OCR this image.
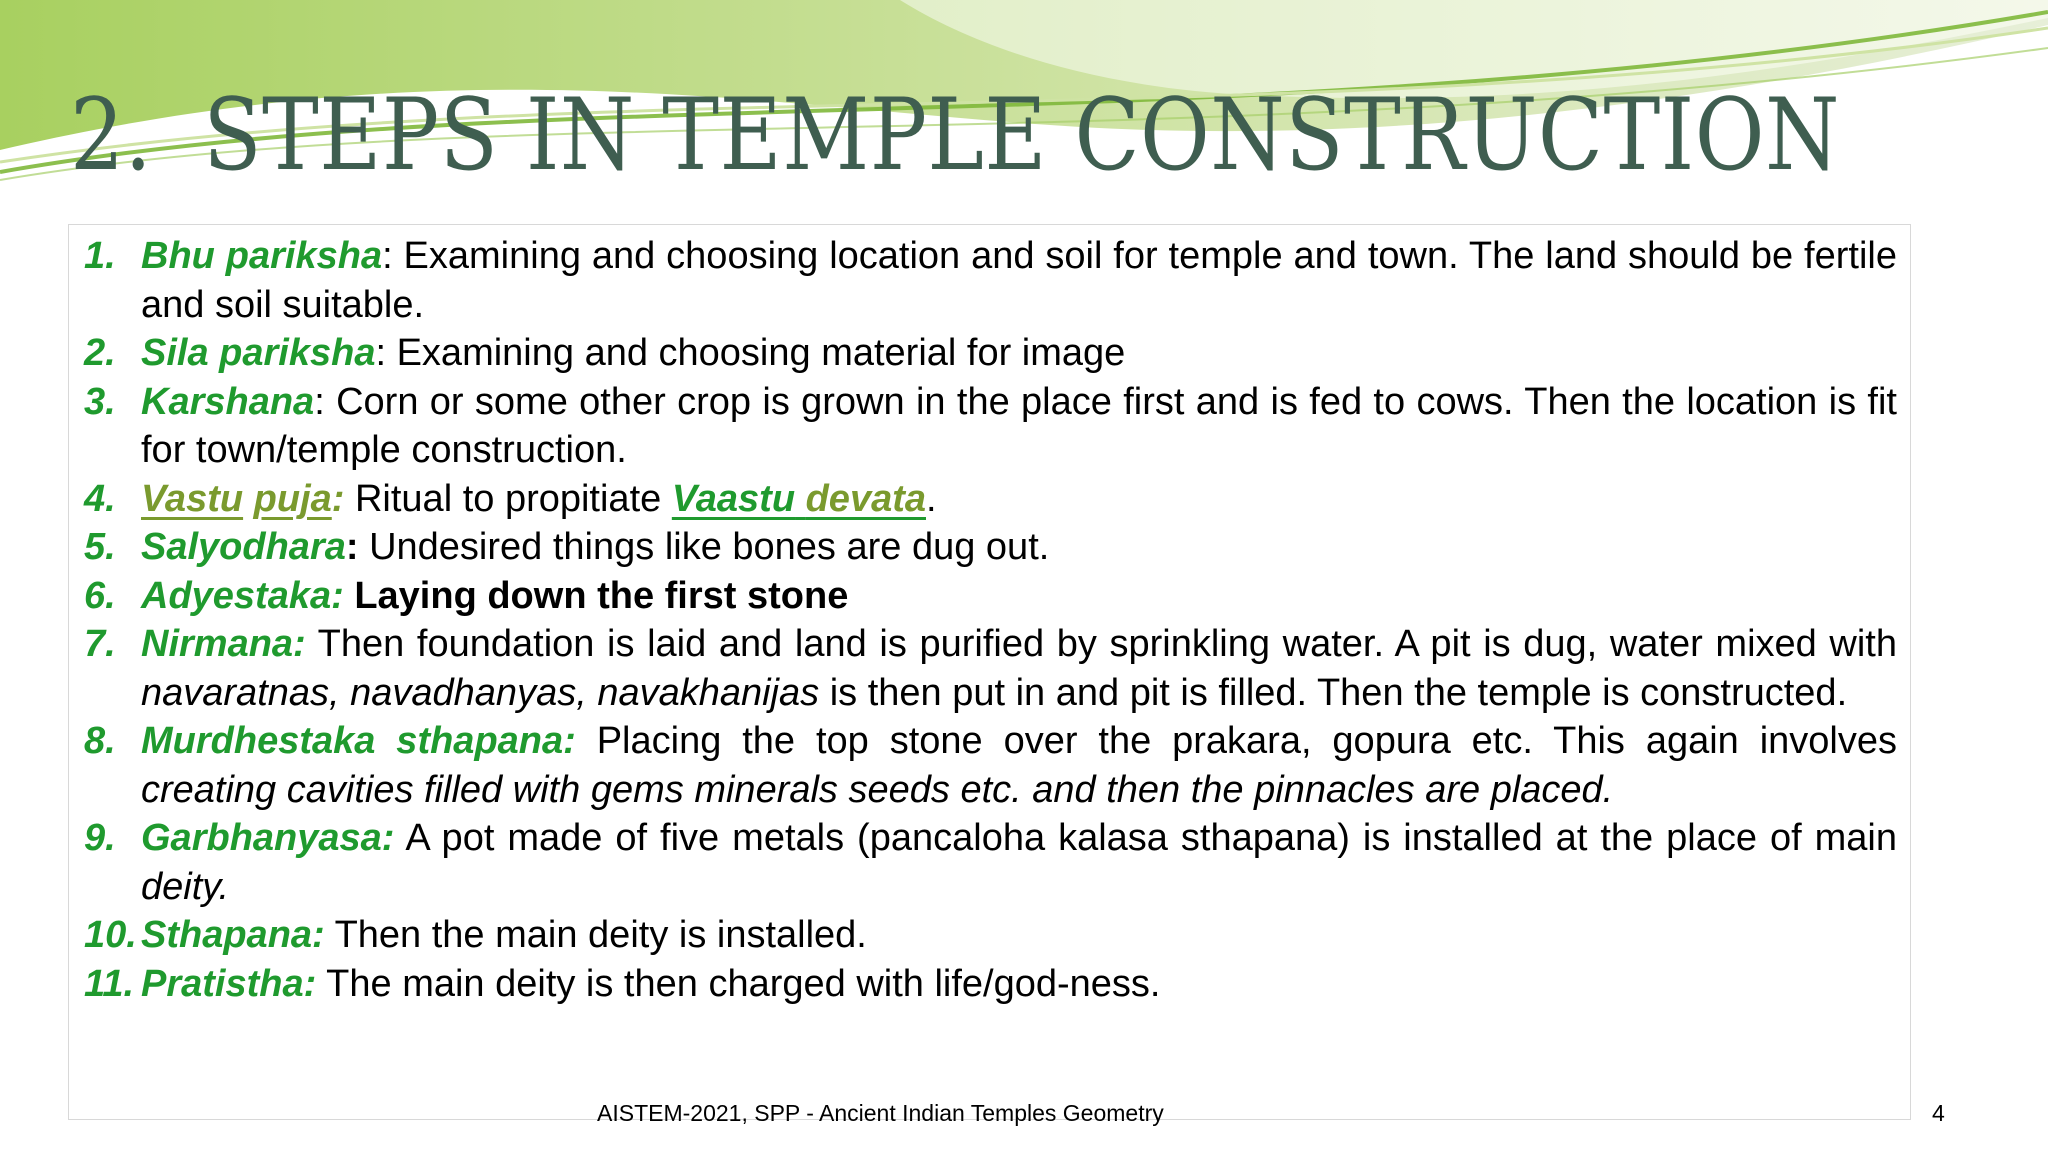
2. STEPS IN TEMPLE CONSTRUCTION
1. Bhu pariksha: Examining and choosing location and soil for temple and town. The land should be fertile and soil suitable.
2. Sila pariksha: Examining and choosing material for image
3. Karshana: Corn or some other crop is grown in the place first and is fed to cows. Then the location is fit for town/temple construction.
4. Vastu puja: Ritual to propitiate Vaastu devata.
5. Salyodhara: Undesired things like bones are dug out.
6. Adyestaka: Laying down the first stone
7. Nirmana: Then foundation is laid and land is purified by sprinkling water. A pit is dug, water mixed with navaratnas, navadhanyas, navakhanijas is then put in and pit is filled. Then the temple is constructed.
8. Murdhestaka sthapana: Placing the top stone over the prakara, gopura etc. This again involves creating cavities filled with gems minerals seeds etc. and then the pinnacles are placed.
9. Garbhanyasa: A pot made of five metals (pancaloha kalasa sthapana) is installed at the place of main deity.
10. Sthapana: Then the main deity is installed.
11. Pratistha: The main deity is then charged with life/god-ness.
AISTEM-2021, SPP - Ancient Indian Temples Geometry	4
